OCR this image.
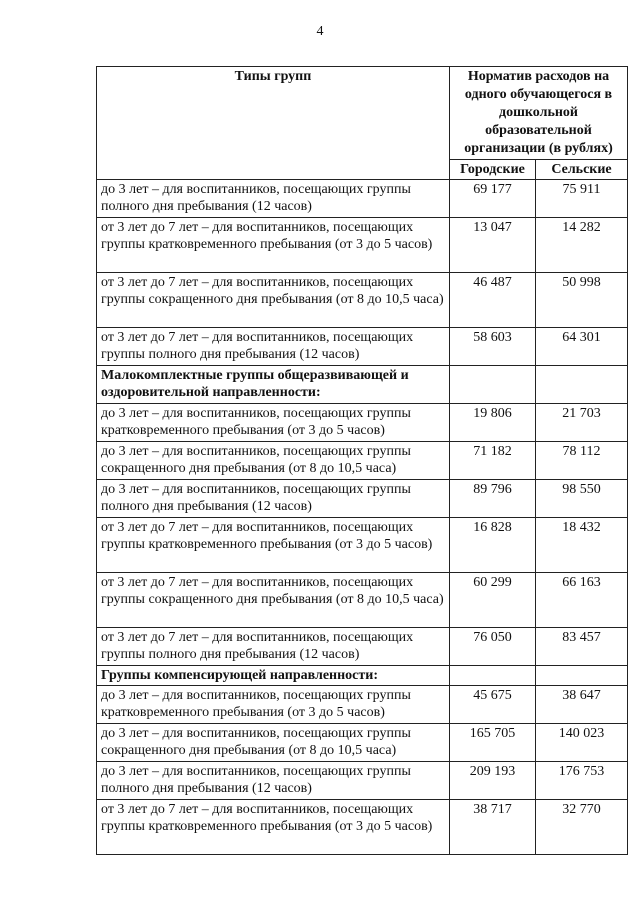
4
Типы групп	Норматив расходов на одного обучающегося в дошкольной образовательной организации (в рублях)	
	Городские	Сельские
до 3 лет – для воспитанников, посещающих группы полного дня пребывания (12 часов)	69 177	75 911
от 3 лет до 7 лет – для воспитанников, посещающих группы кратковременного пребывания (от 3 до 5 часов)	13 047	14 282
от 3 лет до 7 лет – для воспитанников, посещающих группы сокращенного дня пребывания (от 8 до 10,5 часа)	46 487	50 998
от 3 лет до 7 лет – для воспитанников, посещающих группы полного дня пребывания (12 часов)	58 603	64 301
Малокомплектные группы общеразвивающей и оздоровительной направленности:		
до 3 лет – для воспитанников, посещающих группы кратковременного пребывания (от 3 до 5 часов)	19 806	21 703
до 3 лет – для воспитанников, посещающих группы сокращенного дня пребывания (от 8 до 10,5 часа)	71 182	78 112
до 3 лет – для воспитанников, посещающих группы полного дня пребывания (12 часов)	89 796	98 550
от 3 лет до 7 лет – для воспитанников, посещающих группы кратковременного пребывания (от 3 до 5 часов)	16 828	18 432
от 3 лет до 7 лет – для воспитанников, посещающих группы сокращенного дня пребывания (от 8 до 10,5 часа)	60 299	66 163
от 3 лет до 7 лет – для воспитанников, посещающих группы полного дня пребывания (12 часов)	76 050	83 457
Группы компенсирующей направленности:		
до 3 лет – для воспитанников, посещающих группы кратковременного пребывания (от 3 до 5 часов)	45 675	38 647
до 3 лет – для воспитанников, посещающих группы сокращенного дня пребывания (от 8 до 10,5 часа)	165 705	140 023
до 3 лет – для воспитанников, посещающих группы полного дня пребывания (12 часов)	209 193	176 753
от 3 лет до 7 лет – для воспитанников, посещающих группы кратковременного пребывания (от 3 до 5 часов)	38 717	32 770
